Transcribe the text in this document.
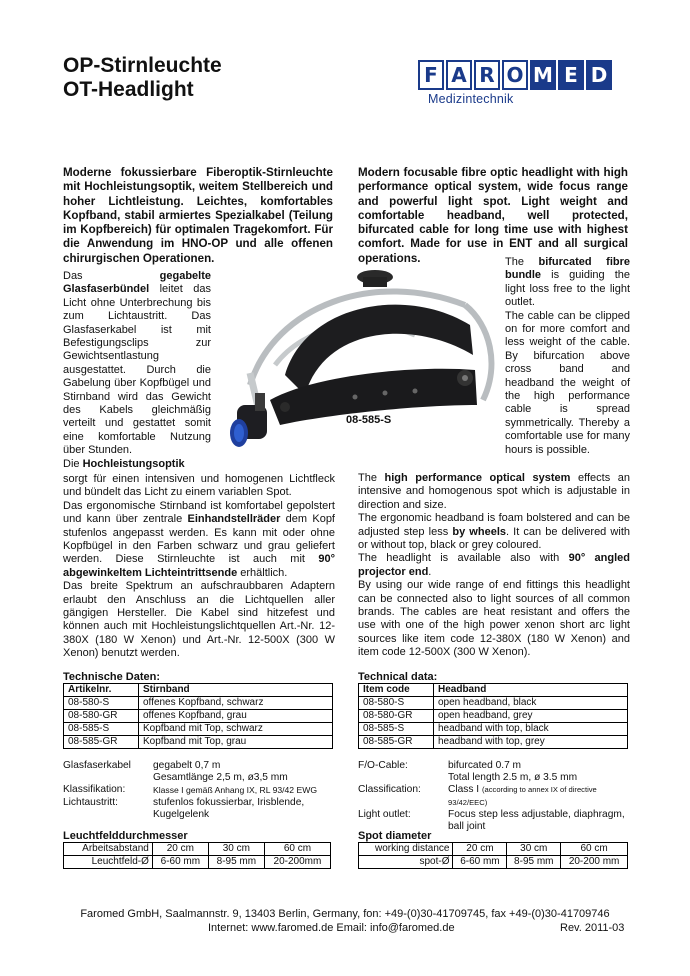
OP-Stirnleuchte
OT-Headlight
F A R O M E D
Medizintechnik

Moderne fokussierbare Fiberoptik-Stirnleuchte mit Hochleistungsoptik, weitem Stellbereich und hoher Lichtleistung. Leichtes, komfortables Kopfband, stabil armiertes Spezialkabel (Teilung im Kopfbereich) für optimalen Tragekomfort. Für die Anwendung im HNO-OP und alle offenen chirurgischen Operationen.

Modern focusable fibre optic headlight with high performance optical system, wide focus range and powerful light spot. Light weight and comfortable headband, well protected, bifurcated cable for long time use with highest comfort. Made for use in ENT and all surgical operations.

Das gegabelte Glasfaserbündel leitet das Licht ohne Unterbrechung bis zum Lichtaustritt. Das Glasfaserkabel ist mit Befestigungsclips zur Gewichtsentlastung ausgestattet. Durch die Gabelung über Kopfbügel und Stirnband wird das Gewicht des Kabels gleichmäßig verteilt und gestattet somit eine komfortable Nutzung über Stunden.

Die Hochleistungsoptik

sorgt für einen intensiven und homogenen Lichtfleck und bündelt das Licht zu einem variablen Spot.

Das ergonomische Stirnband ist komfortabel gepolstert und kann über zentrale Einhandstellräder dem Kopf stufenlos angepasst werden. Es kann mit oder ohne Kopfbügel in den Farben schwarz und grau geliefert werden. Diese Stirnleuchte ist auch mit 90° abgewinkeltem Lichteintrittsende erhältlich.

Das breite Spektrum an aufschraubbaren Adaptern erlaubt den Anschluss an die Lichtquellen aller gängigen Hersteller. Die Kabel sind hitzefest und können auch mit Hochleistungslichtquellen Art.-Nr. 12-380X (180 W Xenon) und Art.-Nr. 12-500X (300 W Xenon) benutzt werden.

08-585-S

The bifurcated fibre bundle is guiding the light loss free to the light outlet.

The cable can be clipped on for more comfort and less weight of the cable. By bifurcation above cross band and headband the weight of the high performance cable is spread symmetrically. Thereby a comfortable use for many hours is possible.

The high performance optical system effects an intensive and homogenous spot which is adjustable in direction and size.

The ergonomic headband is foam bolstered and can be adjusted step less by wheels. It can be delivered with or without top, black or grey coloured.

The headlight is available also with 90° angled projector end.

By using our wide range of end fittings this headlight can be connected also to light sources of all common brands. The cables are heat resistant and offers the use with one of the high power xenon short arc light sources like item code 12-380X (180 W Xenon) and item code 12-500X (300 W Xenon).

Technische Daten:

Artikelnr.	Stirnband
08-580-S	offenes Kopfband, schwarz
08-580-GR	offenes Kopfband, grau
08-585-S	Kopfband mit Top, schwarz
08-585-GR	Kopfband mit Top, grau

Technical data:

Item code	Headband
08-580-S	open headband, black
08-580-GR	open headband, grey
08-585-S	headband with top, black
08-585-GR	headband with top, grey
Glasfaserkabel	gegabelt 0,7 m
Gesamtlänge 2,5 m, ø3,5 mm
Klassifikation:	Klasse I gemäß Anhang IX, RL 93/42 EWG
Lichtaustritt:	stufenlos fokussierbar, Irisblende,
Kugelgelenk
F/O-Cable:	bifurcated 0.7 m
Total length 2.5 m, ø 3.5 mm
Classification:	Class I (according to annex IX of directive 93/42/EEC)
Light outlet:	Focus step less adjustable, diaphragm,
ball joint

Leuchtfelddurchmesser

Arbeitsabstand	20 cm	30 cm	60 cm
Leuchtfeld-Ø	6-60 mm	8-95 mm	20-200mm

Spot diameter

working distance	20 cm	30 cm	60 cm
spot-Ø	6-60 mm	8-95 mm	20-200 mm
Faromed GmbH, Saalmannstr. 9, 13403 Berlin, Germany, fon: +49-(0)30-41709745, fax +49-(0)30-41709746
Internet: www.faromed.de Email: info@faromed.de	Rev. 2011-03
